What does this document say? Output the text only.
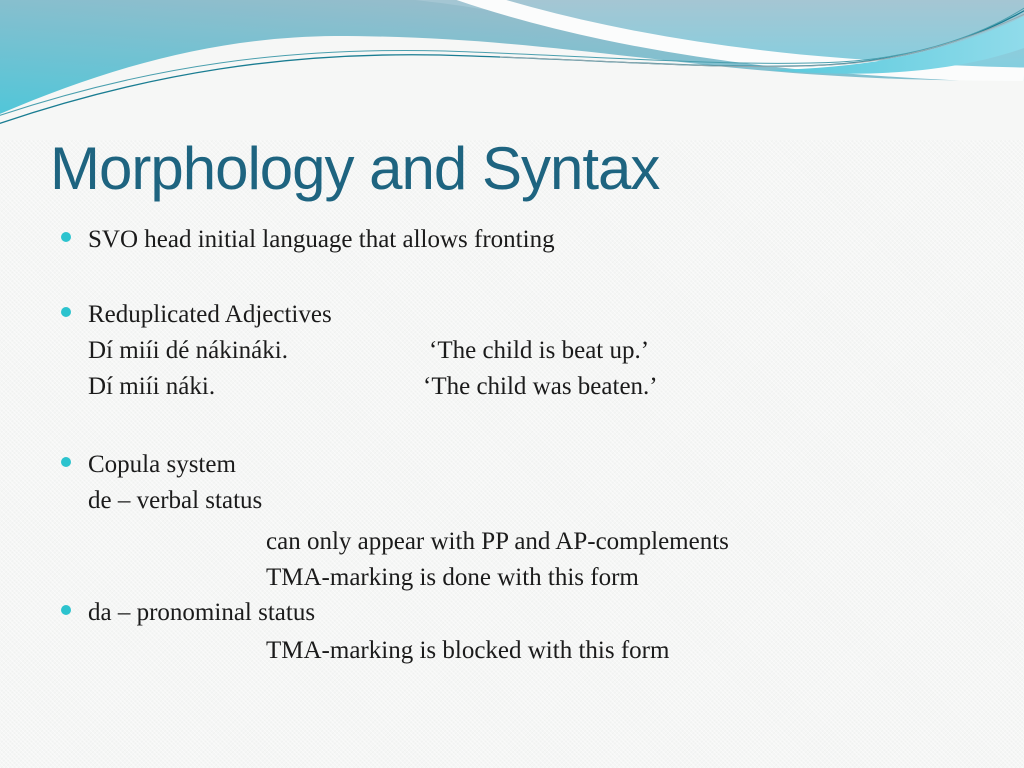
Morphology and Syntax
SVO head initial language that allows fronting
Reduplicated Adjectives
Dí miíi dé nákináki.	‘The child is beat up.’
Dí miíi náki.	‘The child was beaten.’
Copula system
de – verbal status
can only appear with PP and AP-complements
TMA-marking is done with this form
da – pronominal status
TMA-marking is blocked with this form
